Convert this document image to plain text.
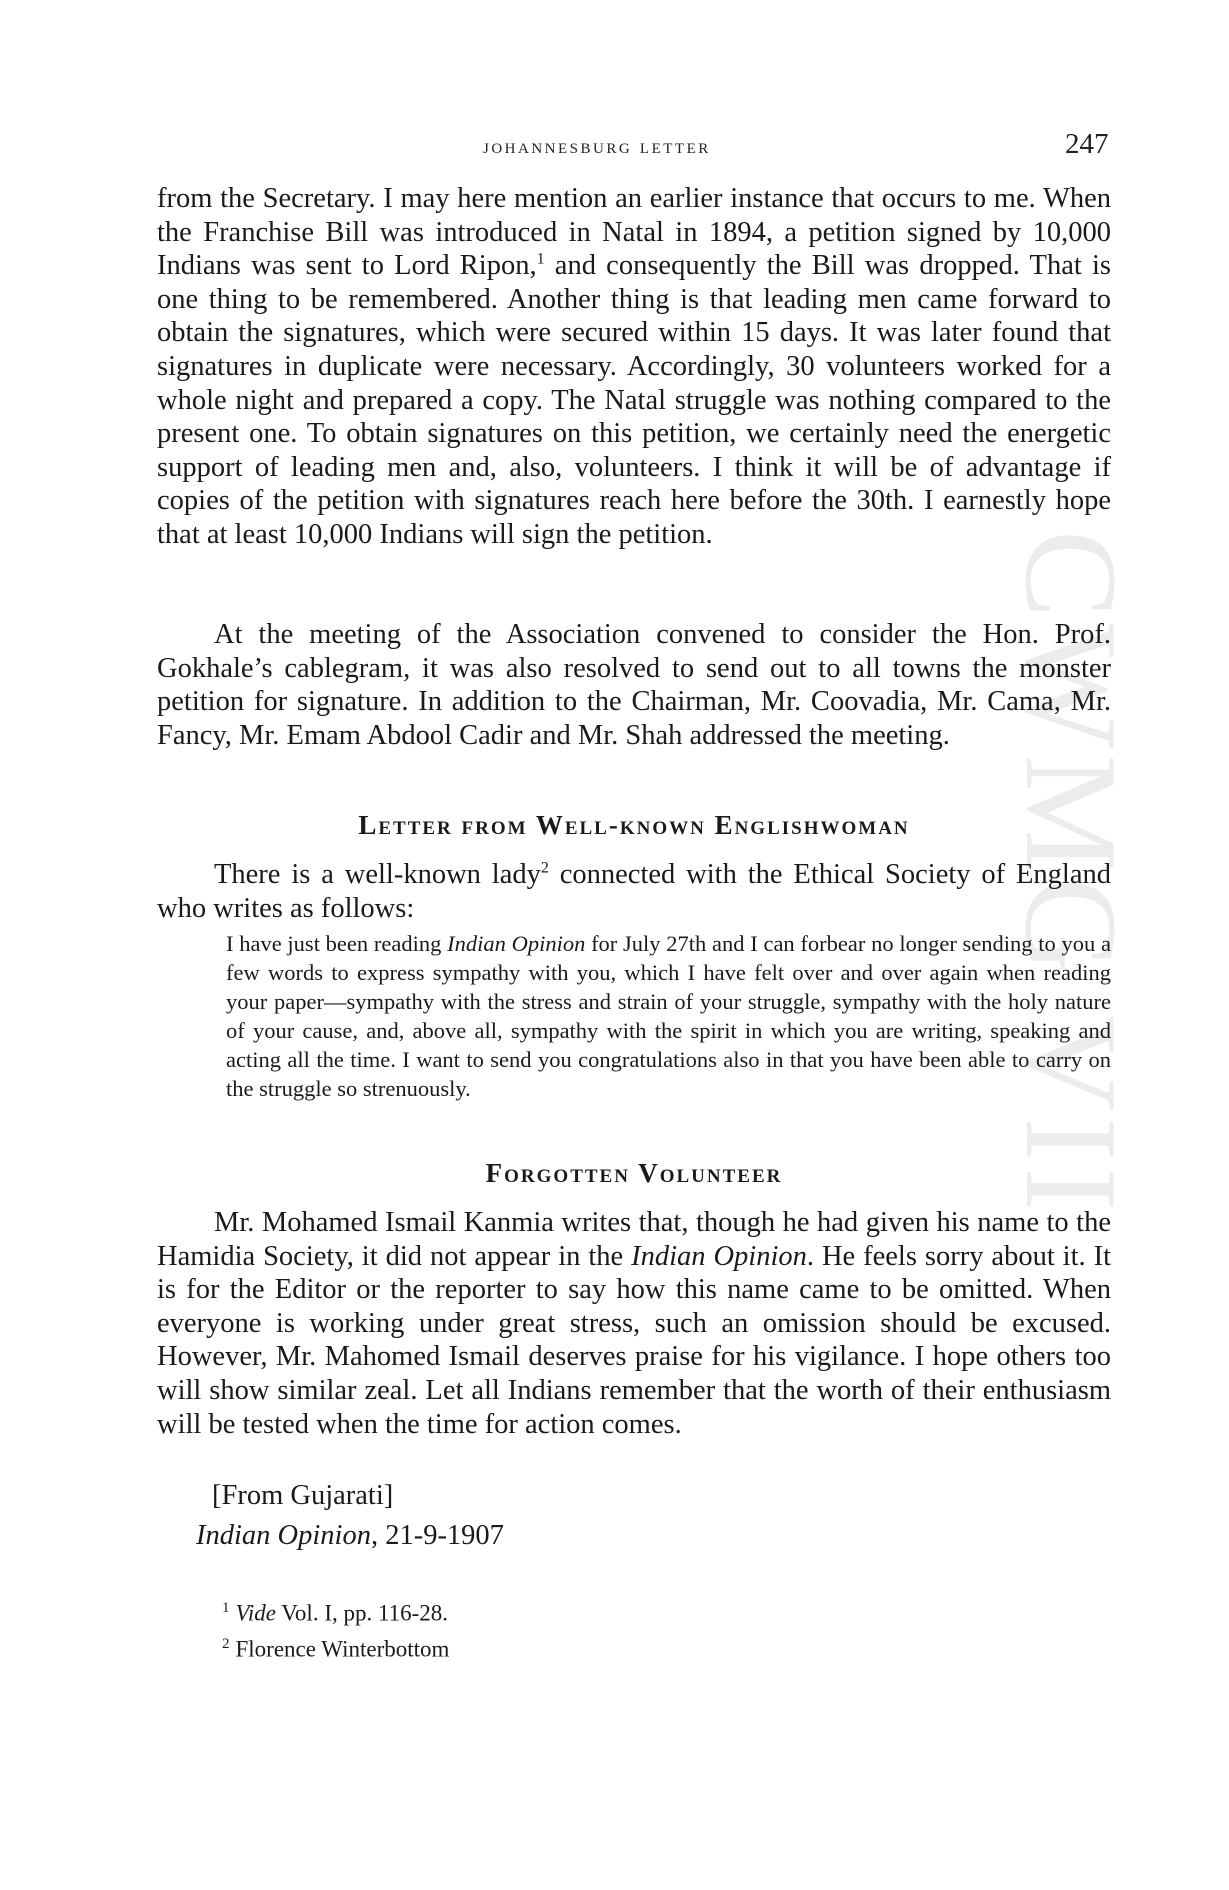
CWMG VII
johannesburg letter	247

from the Secretary. I may here mention an earlier instance that occurs to me. When the Franchise Bill was introduced in Natal in 1894, a petition signed by 10,000 Indians was sent to Lord Ripon,$^1$ and consequently the Bill was dropped. That is one thing to be remembered. Another thing is that leading men came forward to obtain the signatures, which were secured within 15 days. It was later found that signatures in duplicate were necessary. Accordingly, 30 volunteers worked for a whole night and prepared a copy. The Natal struggle was nothing compared to the present one. To obtain signatures on this petition, we certainly need the energetic support of leading men and, also, volunteers. I think it will be of advantage if copies of the petition with signatures reach here before the 30th. I earnestly hope that at least 10,000 Indians will sign the petition.

At the meeting of the Association convened to consider the Hon. Prof. Gokhale’s cablegram, it was also resolved to send out to all towns the monster petition for signature. In addition to the Chairman, Mr. Coovadia, Mr. Cama, Mr. Fancy, Mr. Emam Abdool Cadir and Mr. Shah addressed the meeting.

Letter from Well-known Englishwoman

There is a well-known lady$^2$ connected with the Ethical Society of England who writes as follows:

I have just been reading Indian Opinion for July 27th and I can forbear no longer sending to you a few words to express sympathy with you, which I have felt over and over again when reading your paper—sympathy with the stress and strain of your struggle, sympathy with the holy nature of your cause, and, above all, sympathy with the spirit in which you are writing, speaking and acting all the time. I want to send you congratulations also in that you have been able to carry on the struggle so strenuously.

Forgotten Volunteer

Mr. Mohamed Ismail Kanmia writes that, though he had given his name to the Hamidia Society, it did not appear in the Indian Opinion. He feels sorry about it. It is for the Editor or the reporter to say how this name came to be omitted. When everyone is working under great stress, such an omission should be excused. However, Mr. Mahomed Ismail deserves praise for his vigilance. I hope others too will show similar zeal. Let all Indians remember that the worth of their enthusiasm will be tested when the time for action comes.

[From Gujarati]
Indian Opinion, 21-9-1907
$^1$ Vide Vol. I, pp. 116-28.
$^2$ Florence Winterbottom
